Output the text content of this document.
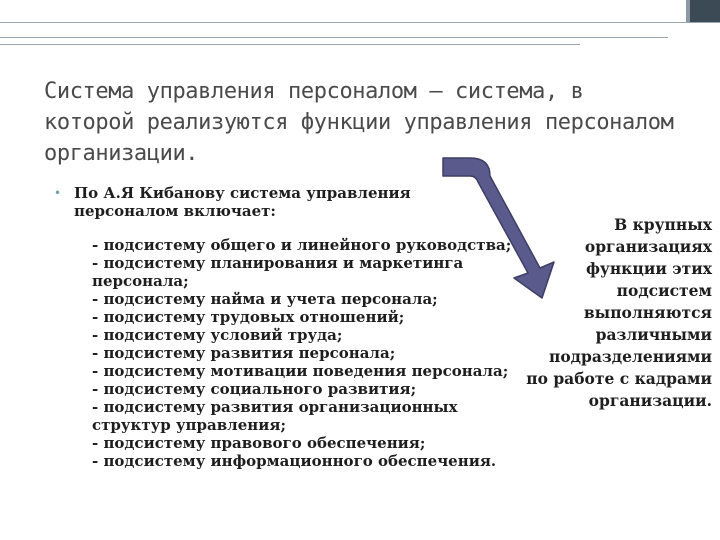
Система управления персоналом – система, в которой реализуются функции управления персоналом организации.
• По А.Я Кибанову система управления персоналом включает:
- подсистему общего и линейного руководства;
- подсистему планирования и маркетинга персонала;
- подсистему найма и учета персонала;
- подсистему трудовых отношений;
- подсистему условий труда;
- подсистему развития персонала;
- подсистему мотивации поведения персонала;
- подсистему социального развития;
- подсистему развития организационных структур управления;
- подсистему правового обеспечения;
- подсистему информационного обеспечения.
В крупных организациях функции этих подсистем выполняются различными подразделениями по работе с кадрами организации.
